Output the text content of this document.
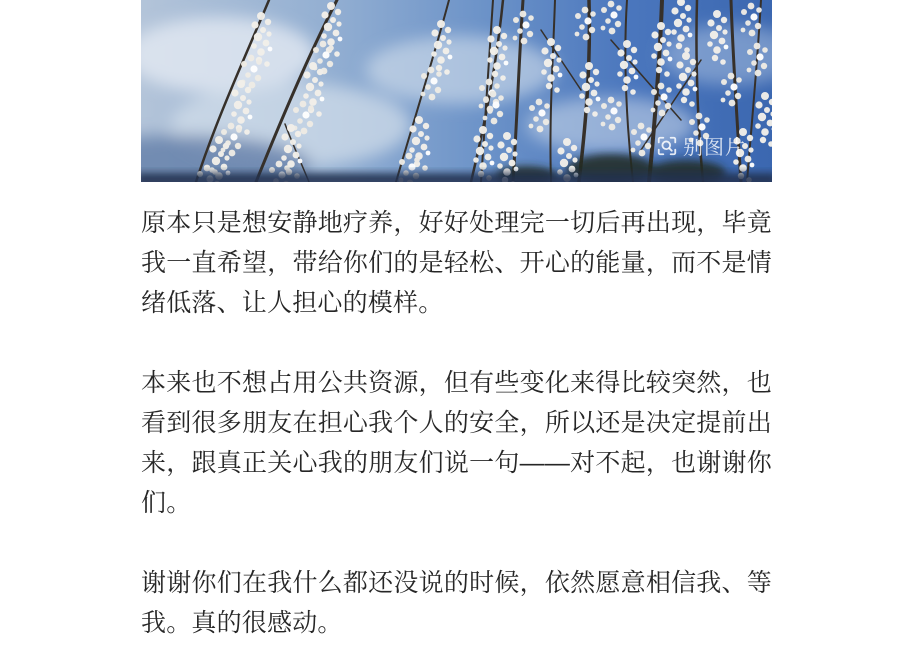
别图片

原本只是想安静地疗养，好好处理完一切后再出现，毕竟我一直希望，带给你们的是轻松、开心的能量，而不是情绪低落、让人担心的模样。

本来也不想占用公共资源，但有些变化来得比较突然，也看到很多朋友在担心我个人的安全，所以还是决定提前出来，跟真正关心我的朋友们说一句——对不起，也谢谢你们。

谢谢你们在我什么都还没说的时候，依然愿意相信我、等我。真的很感动。
